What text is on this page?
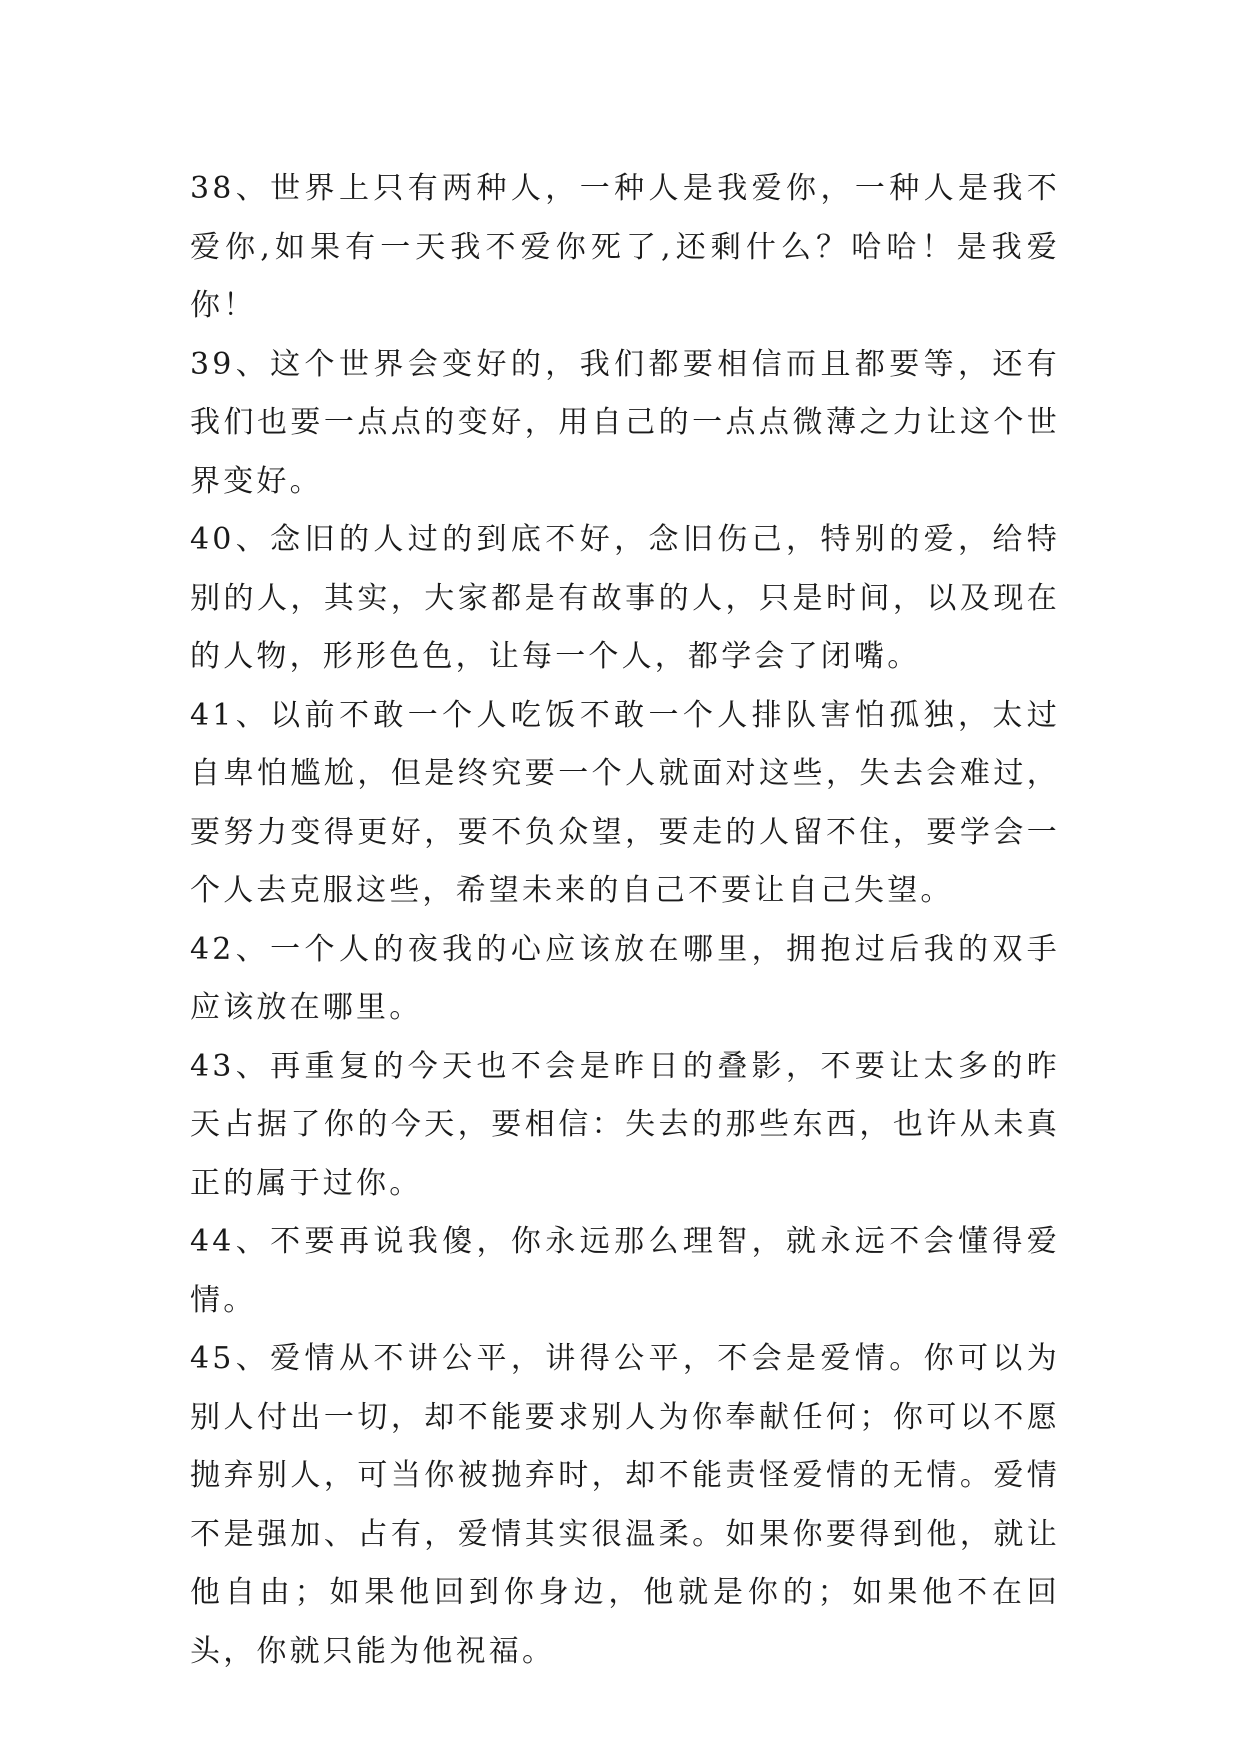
38、世界上只有两种人，一种人是我爱你，一种人是我不爱你,如果有一天我不爱你死了,还剩什么？哈哈！是我爱你！

39、这个世界会变好的，我们都要相信而且都要等，还有我们也要一点点的变好，用自己的一点点微薄之力让这个世界变好。

40、念旧的人过的到底不好，念旧伤己，特别的爱，给特别的人，其实，大家都是有故事的人，只是时间，以及现在的人物，形形色色，让每一个人，都学会了闭嘴。

41、以前不敢一个人吃饭不敢一个人排队害怕孤独，太过自卑怕尴尬，但是终究要一个人就面对这些，失去会难过，要努力变得更好，要不负众望，要走的人留不住，要学会一个人去克服这些，希望未来的自己不要让自己失望。

42、一个人的夜我的心应该放在哪里，拥抱过后我的双手应该放在哪里。

43、再重复的今天也不会是昨日的叠影，不要让太多的昨天占据了你的今天，要相信：失去的那些东西，也许从未真正的属于过你。

44、不要再说我傻，你永远那么理智，就永远不会懂得爱情。

45、爱情从不讲公平，讲得公平，不会是爱情。你可以为别人付出一切，却不能要求别人为你奉献任何；你可以不愿抛弃别人，可当你被抛弃时，却不能责怪爱情的无情。爱情不是强加、占有，爱情其实很温柔。如果你要得到他，就让他自由；如果他回到你身边，他就是你的；如果他不在回头，你就只能为他祝福。
